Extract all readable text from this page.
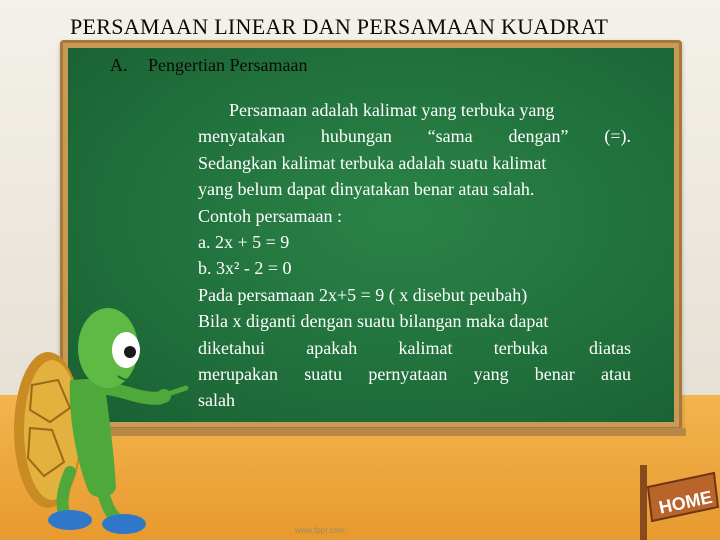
PERSAMAAN LINEAR DAN PERSAMAAN KUADRAT

A. Pengertian Persamaan

Persamaan adalah kalimat yang terbuka yang
menyatakan hubungan “sama dengan” (=).
Sedangkan kalimat terbuka adalah suatu kalimat
yang belum dapat dinyatakan benar atau salah.
Contoh persamaan :
a. 2x + 5 = 9
b. 3x² - 2 = 0
Pada persamaan 2x+5 = 9 ( x disebut peubah)
Bila x diganti dengan suatu bilangan maka dapat
diketahui apakah kalimat terbuka diatas
merupakan suatu pernyataan yang benar atau
salah
HOME
www.fppt.com
